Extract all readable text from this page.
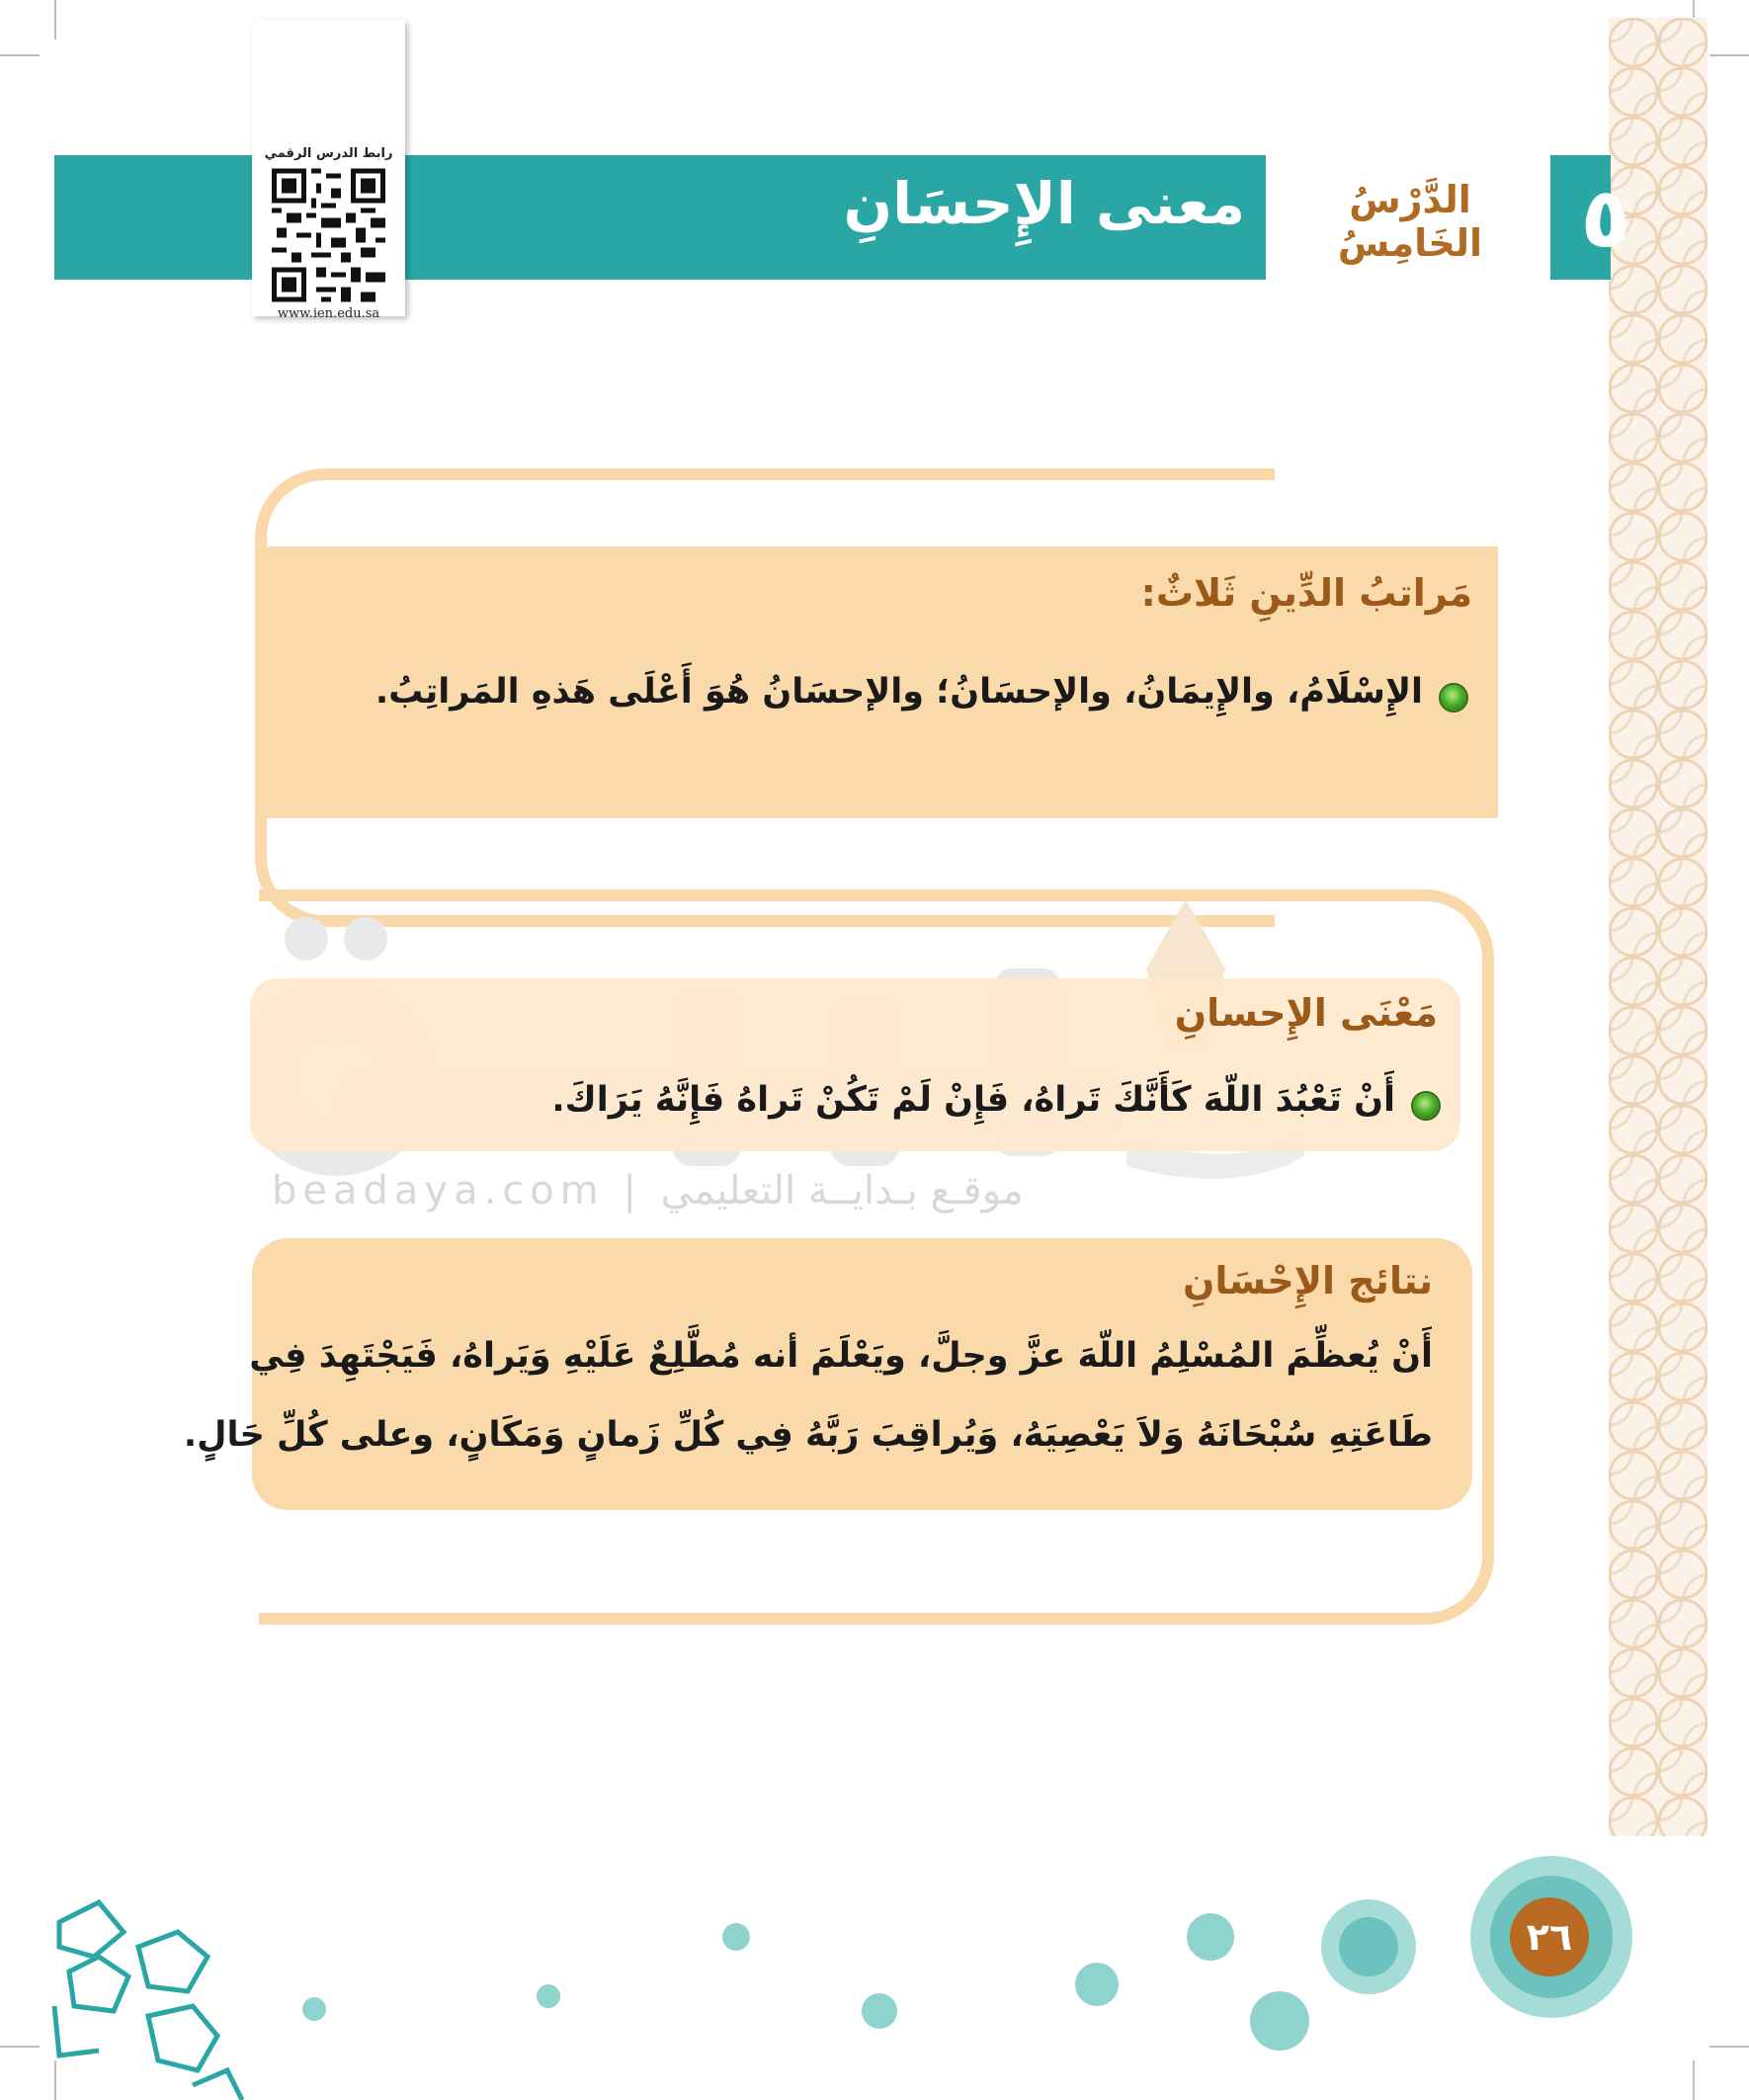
٥
الدَّرْسُ الخَامِسُ
معنى الإِحسَانِ
رابط الدرس الرقمي
www.ien.edu.sa
مَراتبُ الدِّينِ ثَلاثٌ:
الإِسْلَامُ، والإِيمَانُ، والإحسَانُ؛ والإحسَانُ هُوَ أَعْلَى هَذهِ المَراتِبُ.
مَعْنَى الإِحسانِ
أَنْ تَعْبُدَ اللّهَ كَأَنَّكَ تَراهُ، فَإِنْ لَمْ تَكُنْ تَراهُ فَإِنَّهُ يَرَاكَ.
beadaya.com | موقـع بـدايــة التعليمي
نتائج الإِحْسَانِ
أَنْ يُعظِّمَ المُسْلِمُ اللّهَ عزَّ وجلَّ، ويَعْلَمَ أنه مُطَّلِعٌ عَلَيْهِ وَيَراهُ، فَيَجْتَهِدَ فِي
طَاعَتِهِ سُبْحَانَهُ وَلاَ يَعْصِيَهُ، وَيُراقِبَ رَبَّهُ فِي كُلِّ زَمانٍ وَمَكَانٍ، وعلى كُلِّ حَالٍ.
٢٦
